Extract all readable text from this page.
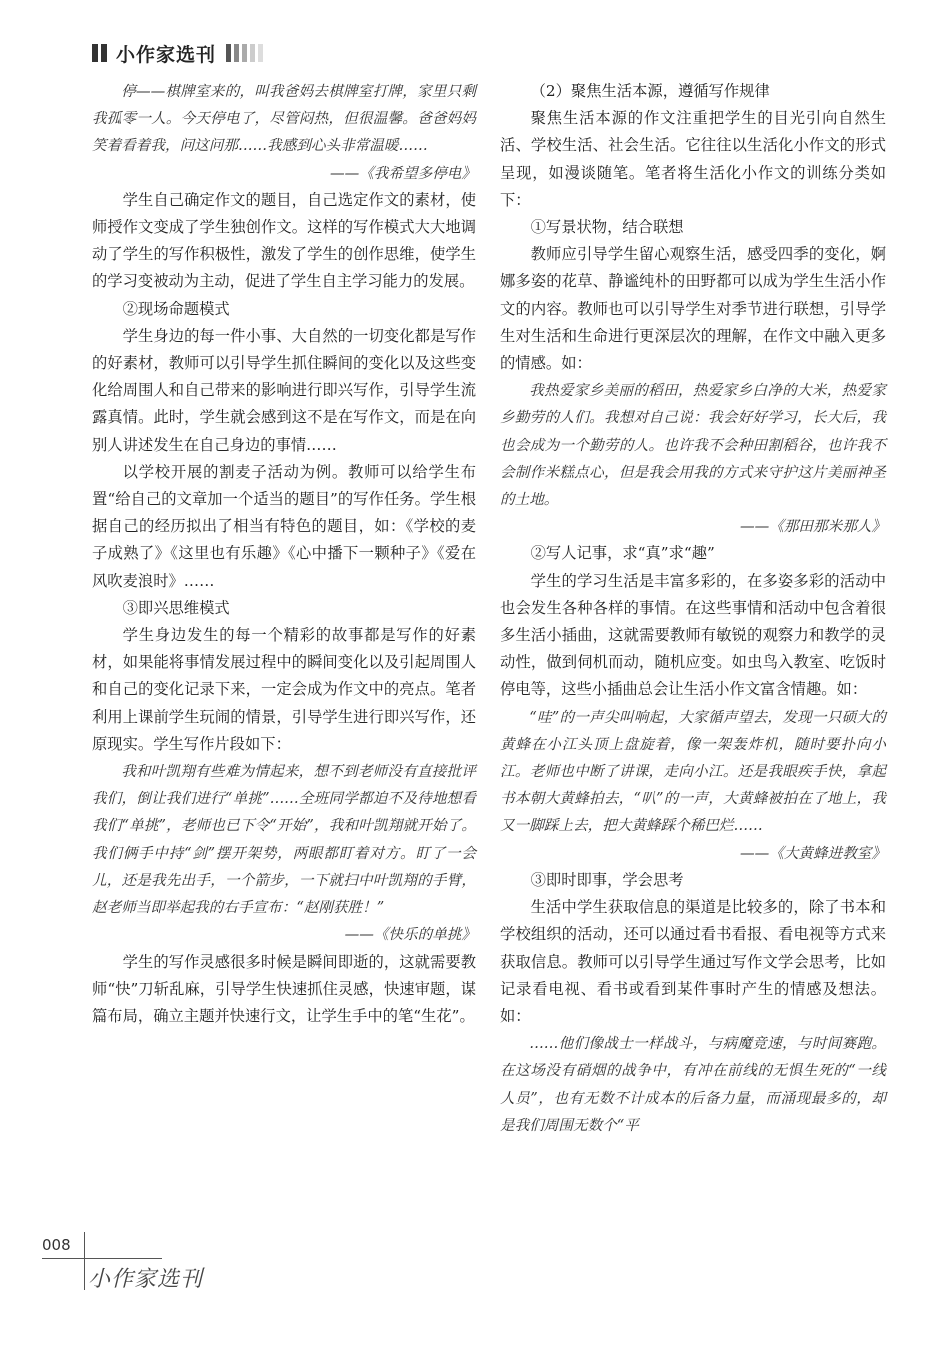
小作家选刊

停——棋牌室来的，叫我爸妈去棋牌室打牌，家里只剩我孤零一人。今天停电了，尽管闷热，但很温馨。爸爸妈妈笑着看着我，问这问那……我感到心头非常温暖……

——《我希望多停电》

学生自己确定作文的题目，自己选定作文的素材，使师授作文变成了学生独创作文。这样的写作模式大大地调动了学生的写作积极性，激发了学生的创作思维，使学生的学习变被动为主动，促进了学生自主学习能力的发展。

②现场命题模式

学生身边的每一件小事、大自然的一切变化都是写作的好素材，教师可以引导学生抓住瞬间的变化以及这些变化给周围人和自己带来的影响进行即兴写作，引导学生流露真情。此时，学生就会感到这不是在写作文，而是在向别人讲述发生在自己身边的事情……

以学校开展的割麦子活动为例。教师可以给学生布置“给自己的文章加一个适当的题目”的写作任务。学生根据自己的经历拟出了相当有特色的题目，如：《学校的麦子成熟了》《这里也有乐趣》《心中播下一颗种子》《爱在风吹麦浪时》……

③即兴思维模式

学生身边发生的每一个精彩的故事都是写作的好素材，如果能将事情发展过程中的瞬间变化以及引起周围人和自己的变化记录下来，一定会成为作文中的亮点。笔者利用上课前学生玩闹的情景，引导学生进行即兴写作，还原现实。学生写作片段如下：

我和叶凯翔有些难为情起来，想不到老师没有直接批评我们，倒让我们进行“单挑”……全班同学都迫不及待地想看我们“单挑”，老师也已下令“开始”，我和叶凯翔就开始了。我们俩手中持“剑”摆开架势，两眼都盯着对方。盯了一会儿，还是我先出手，一个箭步，一下就扫中叶凯翔的手臂，赵老师当即举起我的右手宣布：“赵刚获胜！”

——《快乐的单挑》

学生的写作灵感很多时候是瞬间即逝的，这就需要教师“快”刀斩乱麻，引导学生快速抓住灵感，快速审题，谋篇布局，确立主题并快速行文，让学生手中的笔“生花”。

（2）聚焦生活本源，遵循写作规律

聚焦生活本源的作文注重把学生的目光引向自然生活、学校生活、社会生活。它往往以生活化小作文的形式呈现，如漫谈随笔。笔者将生活化小作文的训练分类如下：

①写景状物，结合联想

教师应引导学生留心观察生活，感受四季的变化，婀娜多姿的花草、静谧纯朴的田野都可以成为学生生活小作文的内容。教师也可以引导学生对季节进行联想，引导学生对生活和生命进行更深层次的理解，在作文中融入更多的情感。如：

我热爱家乡美丽的稻田，热爱家乡白净的大米，热爱家乡勤劳的人们。我想对自己说：我会好好学习，长大后，我也会成为一个勤劳的人。也许我不会种田割稻谷，也许我不会制作米糕点心，但是我会用我的方式来守护这片美丽神圣的土地。

——《那田那米那人》

②写人记事，求“真”求“趣”

学生的学习生活是丰富多彩的，在多姿多彩的活动中也会发生各种各样的事情。在这些事情和活动中包含着很多生活小插曲，这就需要教师有敏锐的观察力和教学的灵动性，做到伺机而动，随机应变。如虫鸟入教室、吃饭时停电等，这些小插曲总会让生活小作文富含情趣。如：

“哇”的一声尖叫响起，大家循声望去，发现一只硕大的黄蜂在小江头顶上盘旋着，像一架轰炸机，随时要扑向小江。老师也中断了讲课，走向小江。还是我眼疾手快，拿起书本朝大黄蜂拍去，“叭”的一声，大黄蜂被拍在了地上，我又一脚踩上去，把大黄蜂踩个稀巴烂……

——《大黄蜂进教室》

③即时即事，学会思考

生活中学生获取信息的渠道是比较多的，除了书本和学校组织的活动，还可以通过看书看报、看电视等方式来获取信息。教师可以引导学生通过写作文学会思考，比如记录看电视、看书或看到某件事时产生的情感及想法。如：

……他们像战士一样战斗，与病魔竞速，与时间赛跑。在这场没有硝烟的战争中，有冲在前线的无惧生死的“一线人员”，也有无数不计成本的后备力量，而涌现最多的，却是我们周围无数个“平

008
小作家选刊
